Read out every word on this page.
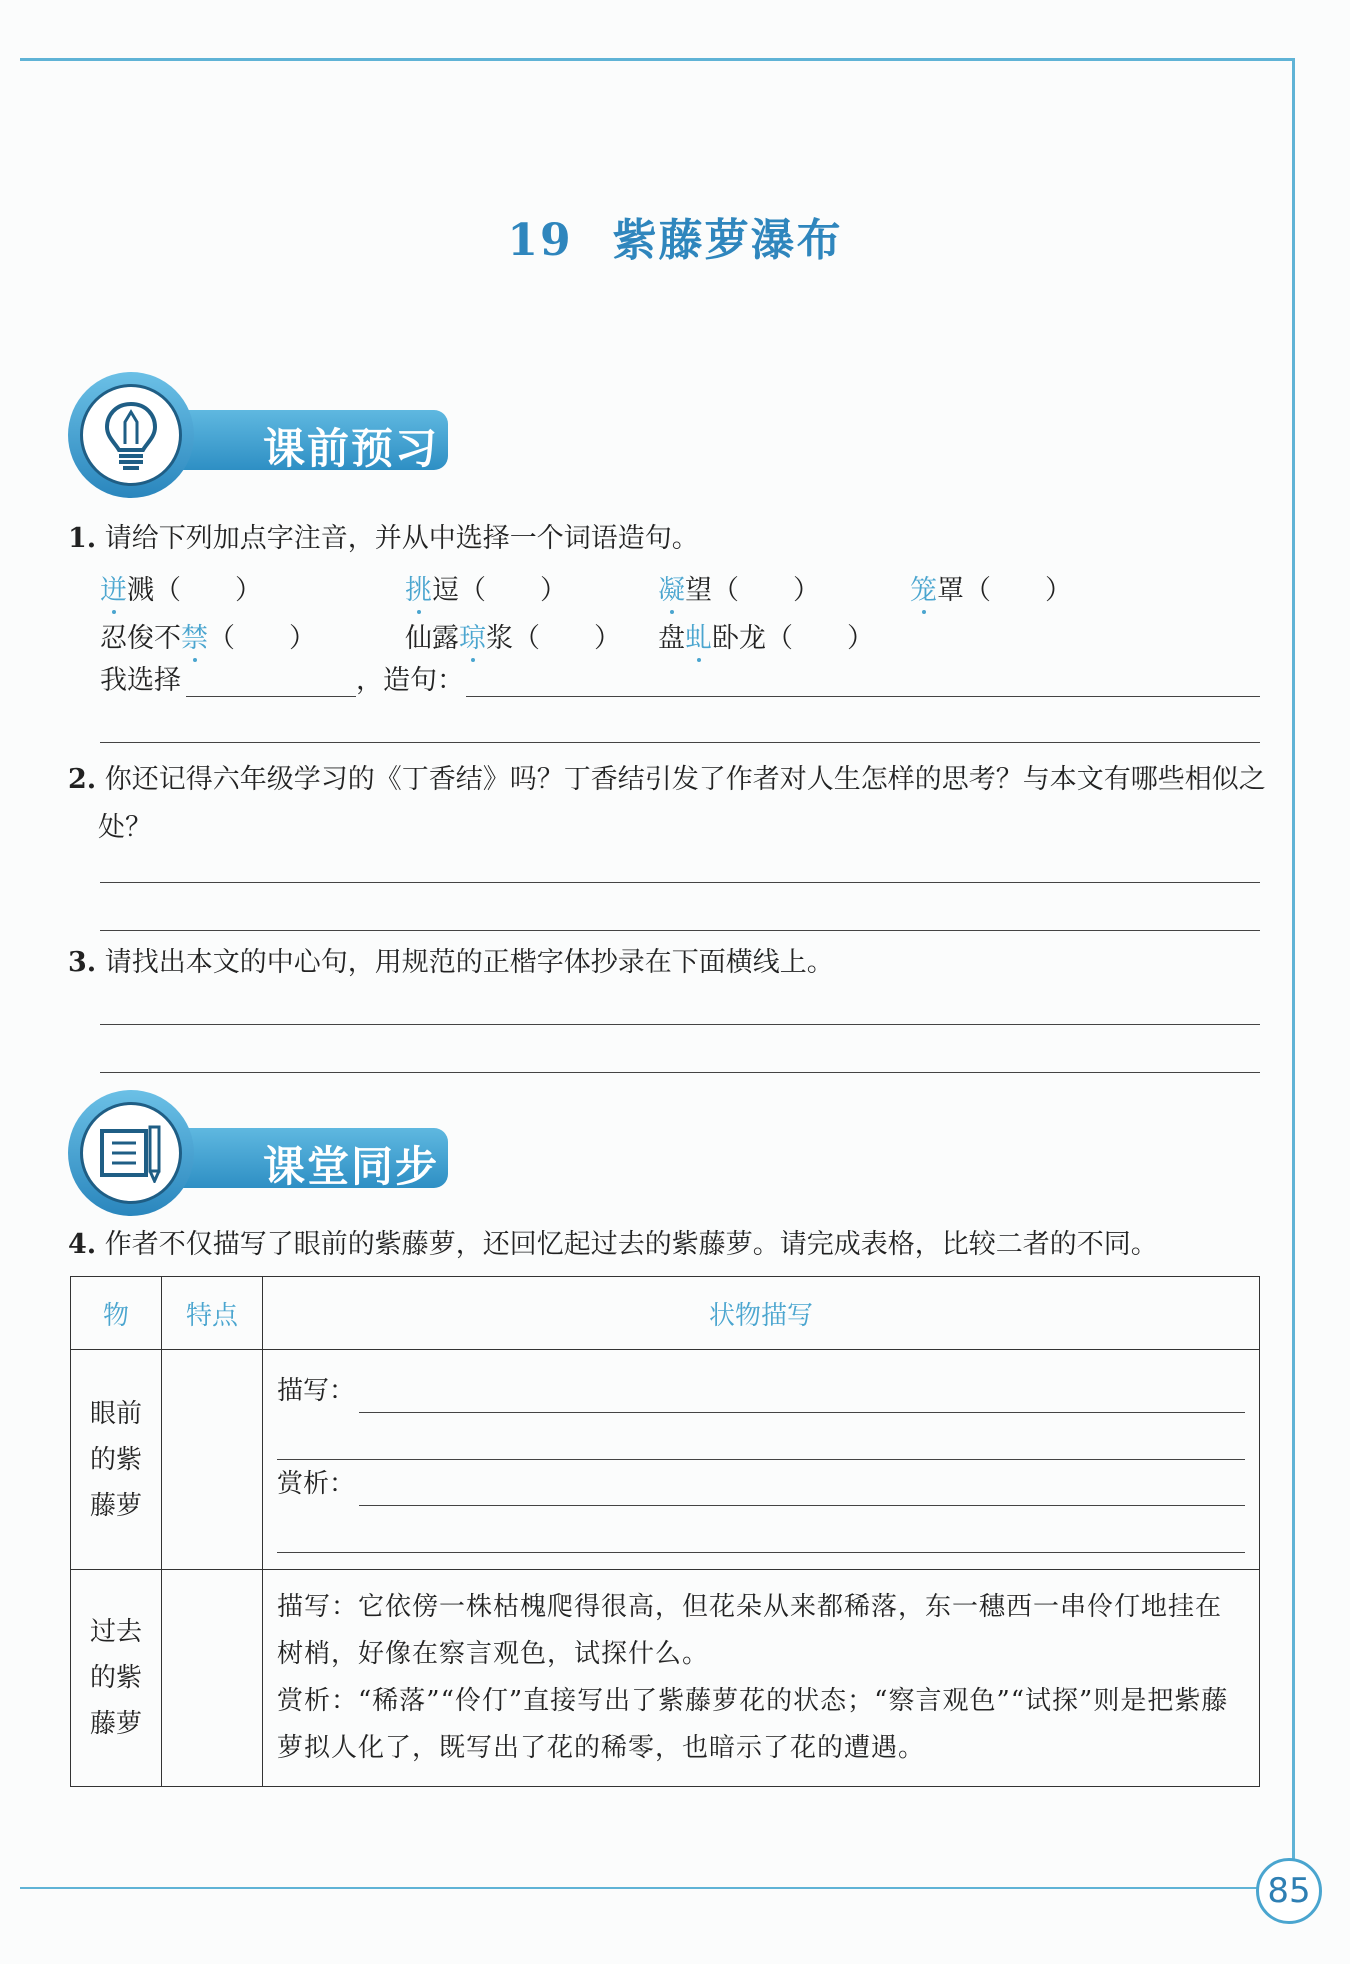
19 紫藤萝瀑布
课前预习
1. 请给下列加点字注音，并从中选择一个词语造句。
迸溅（　　）	挑逗（　　）	凝望（　　）	笼罩（　　）
忍俊不禁（　　）	仙露琼浆（　　） 盘虬卧龙（　　）
我选择	，造句：
2. 你还记得六年级学习的《丁香结》吗？丁香结引发了作者对人生怎样的思考？与本文有哪些相似之处？
3. 请找出本文的中心句，用规范的正楷字体抄录在下面横线上。
课堂同步
4. 作者不仅描写了眼前的紫藤萝，还回忆起过去的紫藤萝。请完成表格，比较二者的不同。
物	特点	状物描写

眼前的紫藤萝		描写：
赏析：

过去的紫藤萝		描写：它依傍一株枯槐爬得很高，但花朵从来都稀落，东一穗西一串伶仃地挂在树梢，好像在察言观色，试探什么。
赏析：“稀落”“伶仃”直接写出了紫藤萝花的状态；“察言观色”“试探”则是把紫藤萝拟人化了，既写出了花的稀零，也暗示了花的遭遇。
85
